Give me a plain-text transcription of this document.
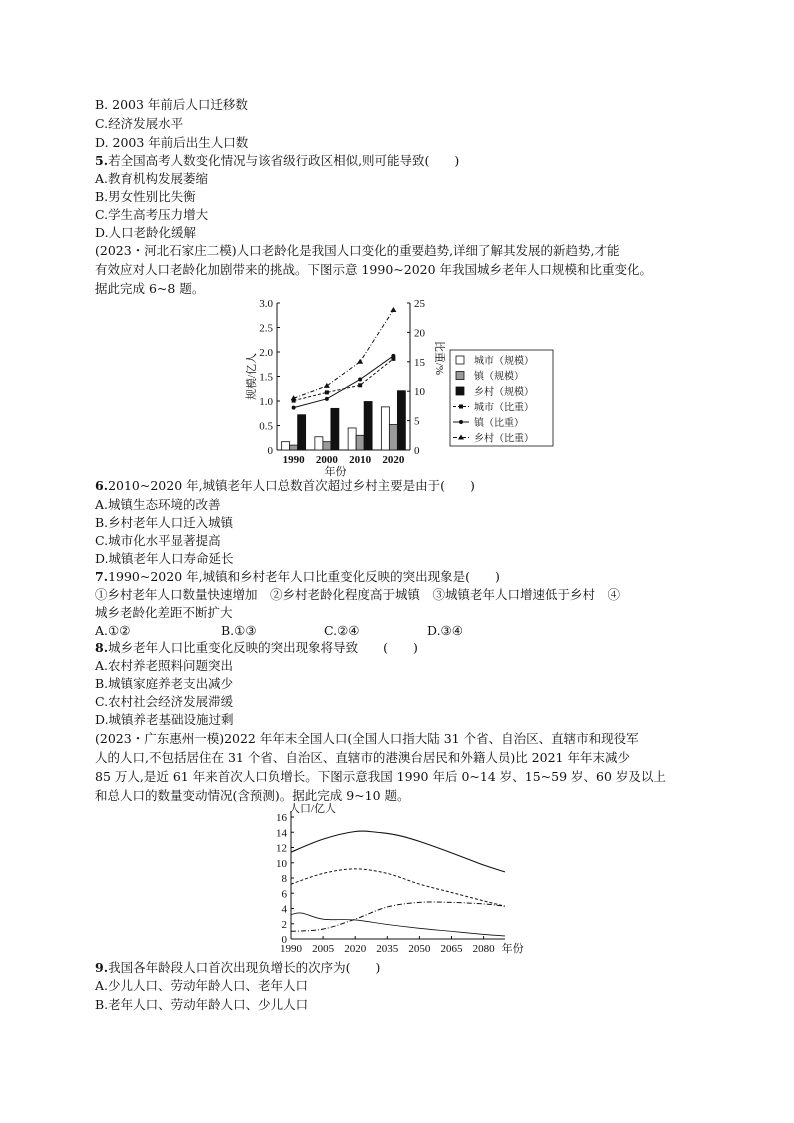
B. 2003 年前后人口迁移数
C.经济发展水平
D. 2003 年前后出生人口数
5.若全国高考人数变化情况与该省级行政区相似,则可能导致(　　)
A.教育机构发展萎缩
B.男女性别比失衡
C.学生高考压力增大
D.人口老龄化缓解
(2023・河北石家庄二模)人口老龄化是我国人口变化的重要趋势,详细了解其发展的新趋势,才能
有效应对人口老龄化加剧带来的挑战。下图示意 1990~2020 年我国城乡老年人口规模和比重变化。
据此完成 6~8 题。
0
0.5
1.0
1.5
2.0
2.5
3.0
0
5
10
15
20
25
1990 2000 2010 2020
年份
规模/亿人	比重/%	城市（规模）
镇（规模）
乡村（规模）
城市（比重）
镇（比重）
乡村（比重）
6.2010~2020 年,城镇老年人口总数首次超过乡村主要是由于(　　)
A.城镇生态环境的改善
B.乡村老年人口迁入城镇
C.城市化水平显著提高
D.城镇老年人口寿命延长
7.1990~2020 年,城镇和乡村老年人口比重变化反映的突出现象是(　　)
①乡村老年人口数量快速增加　②乡村老龄化程度高于城镇　③城镇老年人口增速低于乡村　④
城乡老龄化差距不断扩大
A.①②	B.①③	C.②④	D.③④
8.城乡老年人口比重变化反映的突出现象将导致　　(　　)
A.农村养老照料问题突出
B.城镇家庭养老支出减少
C.农村社会经济发展滞缓
D.城镇养老基础设施过剩
(2023・广东惠州一模)2022 年年末全国人口(全国人口指大陆 31 个省、自治区、直辖市和现役军
人的人口,不包括居住在 31 个省、自治区、直辖市的港澳台居民和外籍人员)比 2021 年年末减少
85 万人,是近 61 年来首次人口负增长。下图示意我国 1990 年后 0~14 岁、15~59 岁、60 岁及以上
和总人口的数量变动情况(含预测)。据此完成 9~10 题。
0
2
4
6
8
10
12
14
16
1990 2005 2020 2035 2050 2065 2080 年份
人口/亿人
9.我国各年龄段人口首次出现负增长的次序为(　　)
A.少儿人口、劳动年龄人口、老年人口
B.老年人口、劳动年龄人口、少儿人口
